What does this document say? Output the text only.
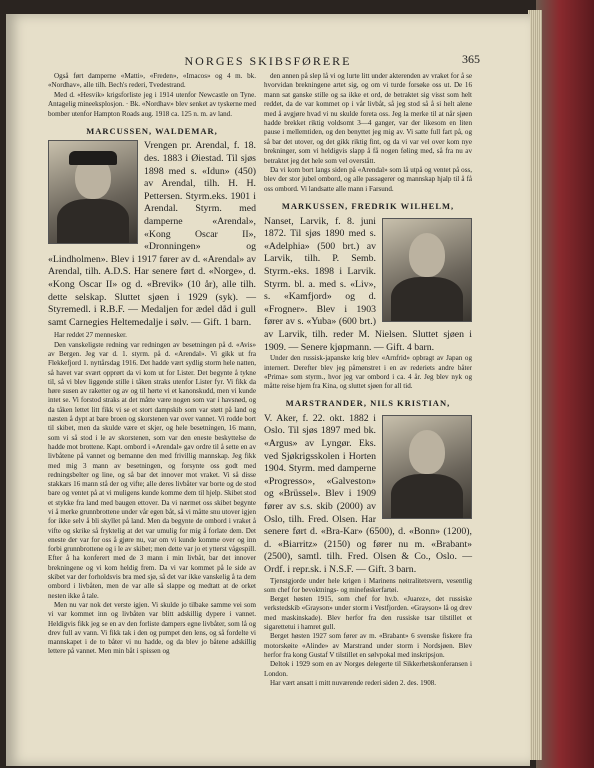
NORGES SKIBSFØRERE	365

Også ført damperne «Matti», «Freden», «Imacos» og 4 m. bk. «Nordhav», alle tilh. Bech's rederi, Tvedestrand.

Med d. «Hesvik» krigsforliste jeg i 1914 utenfor Newcastle on Tyne. Antagelig mineeksplosjon. · Bk. «Nordhav» blev senket av tyskerne med bomber utenfor Hampton Roads aug. 1918 ca. 125 n. m. av land.

MARCUSSEN, WALDEMAR,
Vrengen pr. Arendal, f. 18. des. 1883 i Øiestad. Til sjøs 1898 med s. «Idun» (450) av Arendal, tilh. H. H. Pettersen. Styrm.eks. 1901 i Arendal. Styrm. med damperne «Arendal», «Kong Oscar II», «Dronningen» og «Lindholmen». Blev i 1917 fører av d. «Arendal» av Arendal, tilh. A.D.S. Har senere ført d. «Norge», d. «Kong Oscar II» og d. «Brevik» (10 år), alle tilh. dette selskap. Sluttet sjøen i 1929 (syk). — Styremedl. i R.B.F. — Medaljen for ædel dåd i gull samt Carnegies Heltemedalje i sølv. — Gift. 1 barn.

Har reddet 27 mennesker.

Den vanskeligste redning var redningen av besetningen på d. «Avis» av Bergen. Jeg var d. 1. styrm. på d. «Arendal». Vi gikk ut fra Flekkefjord 1. nyttårsdag 1916. Det hadde vært sydlig storm hele natten, så havet var svært opprørt da vi kom ut for Lister. Det begynte å tykne til, så vi blev liggende stille i tåken straks utenfor Lister fyr. Vi fikk da høre susen av raketter og av og til hørte vi et kanonskudd, men vi kunde intet se. Vi forstod straks at det måtte være nogen som var i havsnød, og da tåken lettet litt fikk vi se et stort dampskib som var støtt på land og næsten å dypt at bare broen og skorstenen var over vannet. Vi rodde bort til skibet, men da skulde være et skjer, og hele besetningen, 16 mann, som vi så stod i le av skorstenen, som var den eneste beskyttelse de hadde mot brottene. Kapt. ombord i «Arendal» gav ordre til å sette en av livbåtene på vannet og bemanne den med frivillig mannskap. Jeg fikk med mig 3 mann av besetningen, og forsynte oss godt med redningsbelter og line, og så bar det innover mot vraket. Vi så disse stakkars 16 mann stå der og vifte; alle deres livbåter var borte og de stod bare og ventet på at vi muligens kunde komme dem til hjelp. Skibet stod et stykke fra land med baugen ettover. Da vi nærmet oss skibet begynte vi å merke grunnbrottene under vår egen båt, så vi måtte snu utover igjen for ikke selv å bli skyllet på land. Men da begynte de ombord i vraket å vifte og skrike så fryktelig at det var umulig for mig å forlate dem. Det eneste der var for oss å gjøre nu, var om vi kunde komme over og inn forbi grunnbrottene og i le av skibet; men dette var jo et ytterst vågespill. Efter å ha konferert med de 3 mann i min livbåt, bar det innover brekningene og vi kom heldig frem. Da vi var kommet på le side av skibet var der forholdsvis bra med sjø, så det var ikke vanskelig å ta dem ombord i livbåten, men de var alle så slappe og medtatt at de orket nesten ikke å tale.

Men nu var nok det verste igjen. Vi skulde jo tilbake samme vei som vi var kommet inn og livbåten var blitt adskillig dypere i vannet. Heldigvis fikk jeg se en av den forliste dampers egne livbåter, som lå og drev full av vann. Vi fikk tak i den og pumpet den lens, og så fordelte vi mannskapet i de to båter vi nu hadde, og da blev jo båtene adskillig lettere på vannet. Men min båt i spissen og

den annen på slep lå vi og lurte litt under akterenden av vraket for å se hvorvidan brekningene artet sig, og om vi turde forsøke oss ut. De 16 mann sat ganske stille og sa ikke et ord, de betraktet sig visst som helt reddet, da de var kommet op i vår livbåt, så jeg stod så å si helt alene med å avgjøre hvad vi nu skulde foreta oss. Jeg la merke til at når sjøen hadde brekket riktig voldsomt 3—4 ganger, var der likesom en liten pause i mellemtiden, og den benyttet jeg mig av. Vi satte full fart på, og så bar det utover, og det gikk riktig fint, og da vi var vel over kom nye brekninger, som vi heldigvis slapp å få nogen føling med, så fra nu av betraktet jeg det hele som vel overstått.

Da vi kom bort langs siden på «Arendal» som lå utpå og ventet på oss, blev der stor jubel ombord, og alle passagerer og mannskap hjalp til å få oss ombord. Vi landsatte alle mann i Farsund.

MARKUSSEN, FREDRIK WILHELM,
Nanset, Larvik, f. 8. juni 1872. Til sjøs 1890 med s. «Adelphia» (500 brt.) av Larvik, tilh. P. Semb. Styrm.-eks. 1898 i Larvik. Styrm. bl. a. med s. «Liv», s. «Kamfjord» og d. «Frogner». Blev i 1903 fører av s. «Yuba» (600 brt.) av Larvik, tilh. reder M. Nielsen. Sluttet sjøen i 1909. — Senere kjøpmann. — Gift. 4 barn.

Under den russisk-japanske krig blev «Arnfrid» opbragt av Japan og internert. Derefter blev jeg påmønstret i en av rederiets andre båter «Prima» som styrm., hvor jeg var ombord i ca. 4 år. Jeg blev nyk og måtte reise hjem fra Kina, og sluttet sjøen for all tid.

MARSTRANDER, NILS KRISTIAN,
V. Aker, f. 22. okt. 1882 i Oslo. Til sjøs 1897 med bk. «Argus» av Lyngør. Eks. ved Sjøkrigsskolen i Horten 1904. Styrm. med damperne «Progresso», «Galveston» og «Brüssel». Blev i 1909 fører av s.s. skib (2000) av Oslo, tilh. Fred. Olsen. Har senere ført d. «Bra-Kar» (6500), d. «Bonn» (1200), d. «Biarritz» (2150) og fører nu m. «Brabant» (2500), samtl. tilh. Fred. Olsen & Co., Oslo. — Ordf. i repr.sk. i N.S.F. — Gift. 3 barn.

Tjenstgjorde under hele krigen i Marinens nøitralitetsvern, vesentlig som chef for bevoktnings- og mineføskerfartøi.

Berget høsten 1915, som chef for hv.b. «Juarez», det russiske verkstedskib «Grayson» under storm i Vestfjorden. «Grayson» lå og drev med maskinskade). Blev herfor fra den russiske tsar tilstillet et sigarettetui i hamret gull.

Berget høsten 1927 som fører av m. «Brabant» 6 svenske fiskere fra motorskøite «Alinde» av Marstrand under storm i Nordsjøen. Blev herfor fra kong Gustaf V tilstillet en sølvpokal med inskripsjon.

Deltok i 1929 som en av Norges delegerte til Sikkerhetskonferansen i London.

Har vært ansatt i mitt nuværende rederi siden 2. des. 1908.
